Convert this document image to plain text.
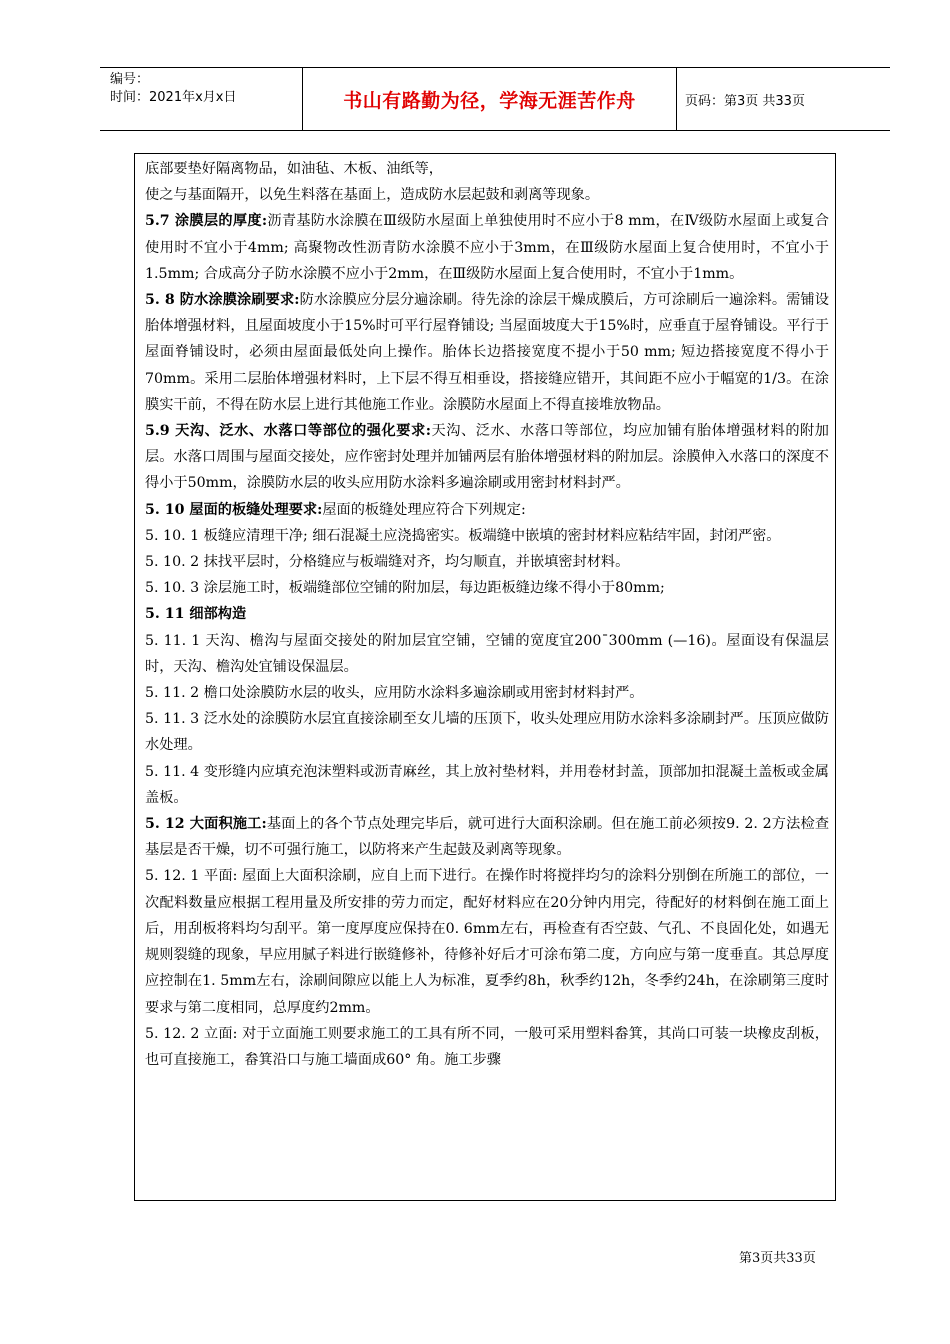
编号：
时间：2021年x月x日	书山有路勤为径，学海无涯苦作舟	页码：第3页 共33页

底部要垫好隔离物品，如油毡、木板、油纸等，

使之与基面隔开，以免生料落在基面上，造成防水层起鼓和剥离等现象。

5.7 涂膜层的厚度:沥青基防水涂膜在Ⅲ级防水屋面上单独使用时不应小于8 mm，在Ⅳ级防水屋面上或复合使用时不宜小于4mm; 高聚物改性沥青防水涂膜不应小于3mm，在Ⅲ级防水屋面上复合使用时，不宜小于1.5mm; 合成高分子防水涂膜不应小于2mm，在Ⅲ级防水屋面上复合使用时，不宜小于1mm。

5. 8 防水涂膜涂刷要求:防水涂膜应分层分遍涂刷。待先涂的涂层干燥成膜后，方可涂刷后一遍涂料。需铺设胎体增强材料，且屋面坡度小于15%时可平行屋脊铺设; 当屋面坡度大于15%时，应垂直于屋脊铺设。平行于屋面脊铺设时，必须由屋面最低处向上操作。胎体长边搭接宽度不提小于50 mm; 短边搭接宽度不得小于70mm。采用二层胎体增强材料时，上下层不得互相垂设，搭接缝应错开，其间距不应小于幅宽的1/3。在涂膜实干前，不得在防水层上进行其他施工作业。涂膜防水屋面上不得直接堆放物品。

5.9 天沟、泛水、水落口等部位的强化要求:天沟、泛水、水落口等部位，均应加铺有胎体增强材料的附加层。水落口周围与屋面交接处，应作密封处理并加铺两层有胎体增强材料的附加层。涂膜伸入水落口的深度不得小于50mm，涂膜防水层的收头应用防水涂料多遍涂刷或用密封材料封严。

5. 10 屋面的板缝处理要求:屋面的板缝处理应符合下列规定:

5. 10. 1 板缝应清理干净; 细石混凝土应浇捣密实。板端缝中嵌填的密封材料应粘结牢固，封闭严密。

5. 10. 2 抹找平层时，分格缝应与板端缝对齐，均匀顺直，并嵌填密封材料。

5. 10. 3 涂层施工时，板端缝部位空铺的附加层，每边距板缝边缘不得小于80mm;

5. 11 细部构造

5. 11. 1 天沟、檐沟与屋面交接处的附加层宜空铺，空铺的宽度宜200¯300mm (—16)。屋面设有保温层时，天沟、檐沟处宜铺设保温层。

5. 11. 2 檐口处涂膜防水层的收头，应用防水涂料多遍涂刷或用密封材料封严。

5. 11. 3 泛水处的涂膜防水层宜直接涂刷至女儿墙的压顶下，收头处理应用防水涂料多涂刷封严。压顶应做防水处理。

5. 11. 4 变形缝内应填充泡沫塑料或沥青麻丝，其上放衬垫材料，并用卷材封盖，顶部加扣混凝土盖板或金属盖板。

5. 12 大面积施工:基面上的各个节点处理完毕后，就可进行大面积涂刷。但在施工前必须按9. 2. 2方法检查基层是否干燥，切不可强行施工，以防将来产生起鼓及剥离等现象。

5. 12. 1 平面: 屋面上大面积涂刷，应自上而下进行。在操作时将搅拌均匀的涂料分别倒在所施工的部位，一次配料数量应根据工程用量及所安排的劳力而定，配好材料应在20分钟内用完，待配好的材料倒在施工面上后，用刮板将料均匀刮平。第一度厚度应保持在0. 6mm左右，再检查有否空鼓、气孔、不良固化处，如遇无规则裂缝的现象，早应用腻子料进行嵌缝修补，待修补好后才可涂布第二度，方向应与第一度垂直。其总厚度应控制在1. 5mm左右，涂刷间隙应以能上人为标准，夏季约8h，秋季约12h，冬季约24h，在涂刷第三度时要求与第二度相同，总厚度约2mm。

5. 12. 2 立面: 对于立面施工则要求施工的工具有所不同，一般可采用塑料畚箕，其尚口可装一块橡皮刮板，也可直接施工，畚箕沿口与施工墙面成60° 角。施工步骤

第3页共33页
